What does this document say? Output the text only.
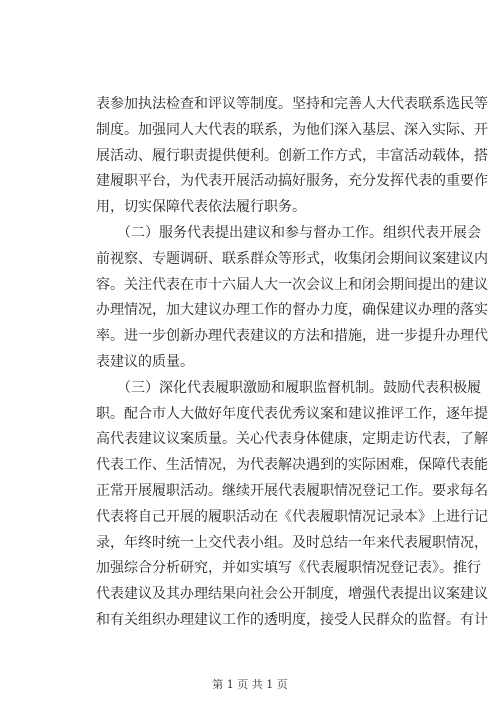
表参加执法检查和评议等制度。坚持和完善人大代表联系选民等
制度。加强同人大代表的联系，为他们深入基层、深入实际、开
展活动、履行职责提供便利。创新工作方式，丰富活动载体，搭
建履职平台，为代表开展活动搞好服务，充分发挥代表的重要作
用，切实保障代表依法履行职务。
　　（二）服务代表提出建议和参与督办工作。组织代表开展会
前视察、专题调研、联系群众等形式，收集闭会期间议案建议内
容。关注代表在市十六届人大一次会议上和闭会期间提出的建议
办理情况，加大建议办理工作的督办力度，确保建议办理的落实
率。进一步创新办理代表建议的方法和措施，进一步提升办理代
表建议的质量。
　　（三）深化代表履职激励和履职监督机制。鼓励代表积极履
职。配合市人大做好年度代表优秀议案和建议推评工作，逐年提
高代表建议议案质量。关心代表身体健康，定期走访代表，了解
代表工作、生活情况，为代表解决遇到的实际困难，保障代表能
正常开展履职活动。继续开展代表履职情况登记工作。要求每名
代表将自己开展的履职活动在《代表履职情况记录本》上进行记
录，年终时统一上交代表小组。及时总结一年来代表履职情况，
加强综合分析研究，并如实填写《代表履职情况登记表》。推行
代表建议及其办理结果向社会公开制度，增强代表提出议案建议
和有关组织办理建议工作的透明度，接受人民群众的监督。有计
第 1 页 共 1 页
